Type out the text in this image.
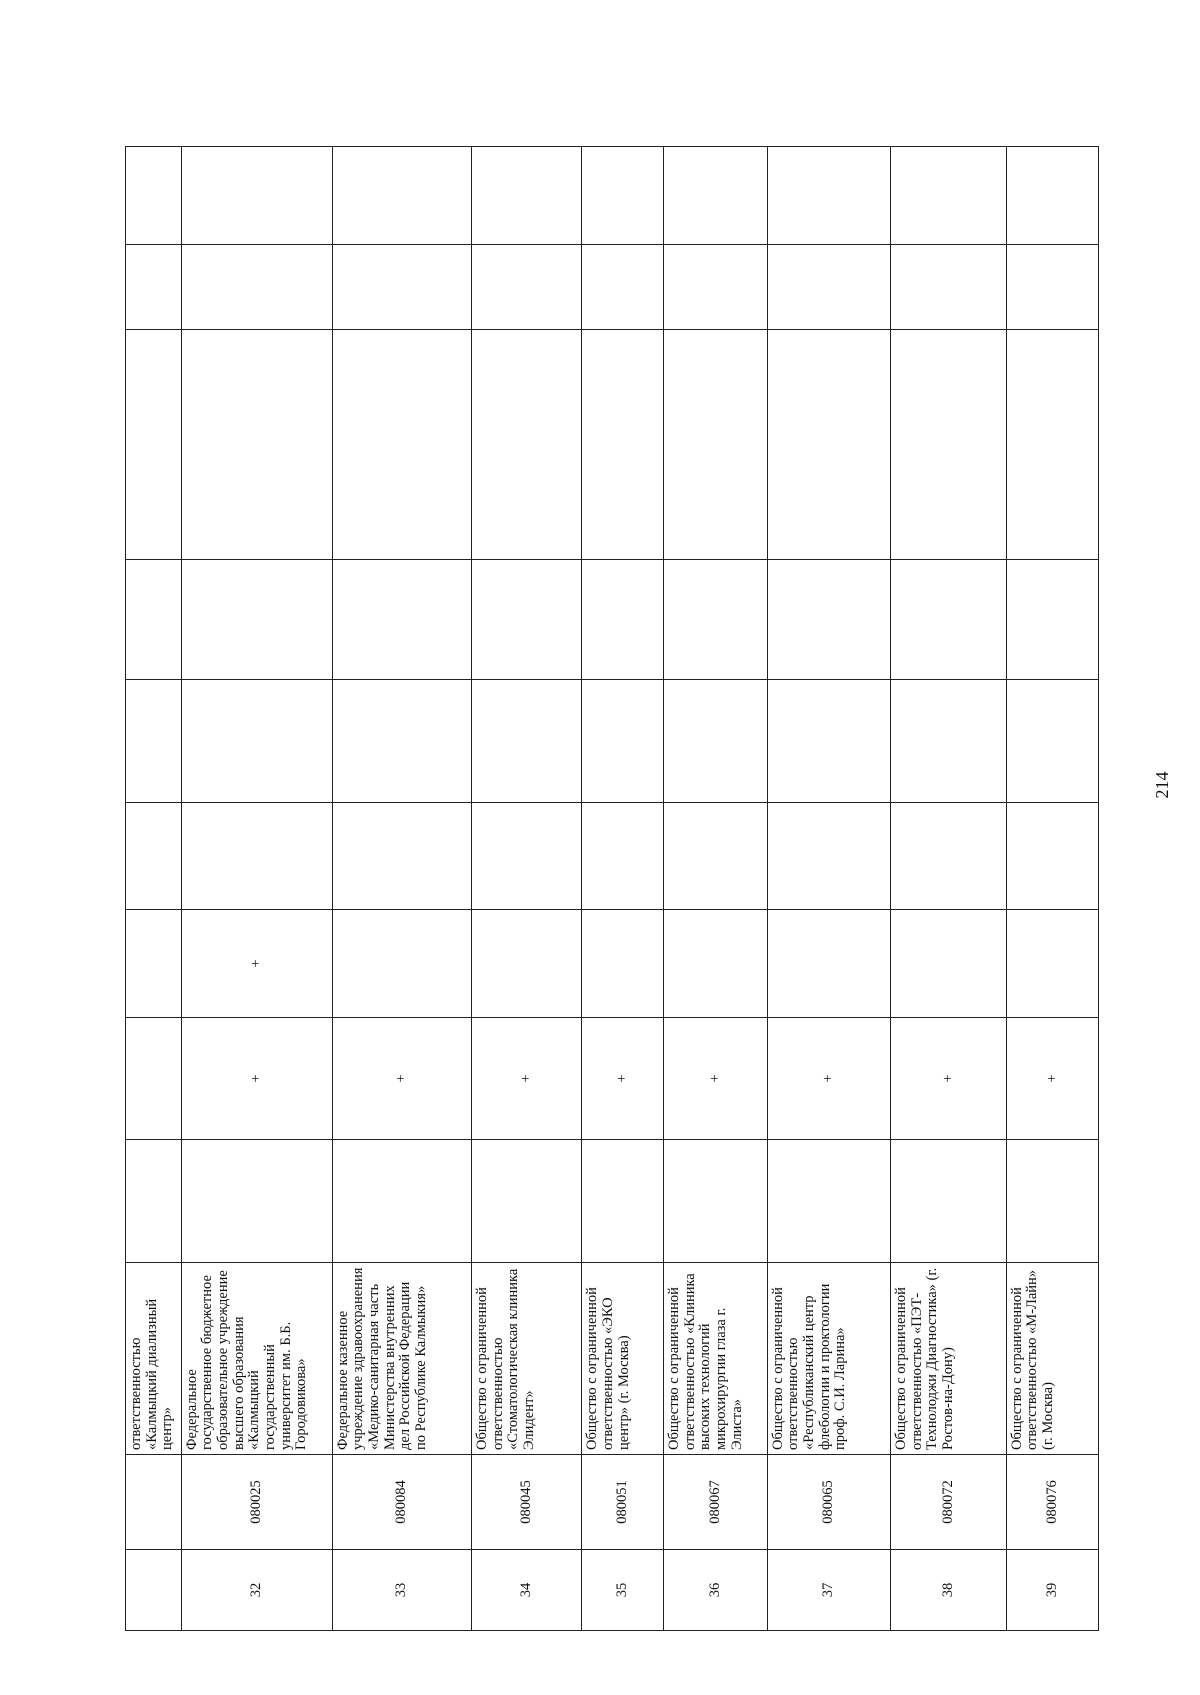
		ответственностью «Калмыцкий диализный центр»									
32	080025	Федеральное государственное бюджетное образовательное учреждение высшего образования «Калмыцкий государственный университет им. Б.Б. Городовикова»		+	+						
33	080084	Федеральное казенное учреждение здравоохранения «Медико-санитарная часть Министерства внутренних дел Российской Федерации по Республике Калмыкия»		+							
34	080045	Общество с ограниченной ответственностью «Стоматологическая клиника Элидент»		+							
35	080051	Общество с ограниченной ответственностью «ЭКО центр» (г. Москва)		+							
36	080067	Общество с ограниченной ответственностью «Клиника высоких технологий микрохирургии глаза г. Элиста»		+							
37	080065	Общество с ограниченной ответственностью «Республиканский центр флебологии и проктологии проф. С.И. Ларина»		+							
38	080072	Общество с ограниченной ответственностью «ПЭТ-Технолоджи Диагностика» (г. Ростов-на-Дону)		+							
39	080076	Общество с ограниченной ответственностью «М-Лайн» (г. Москва)		+							
214
